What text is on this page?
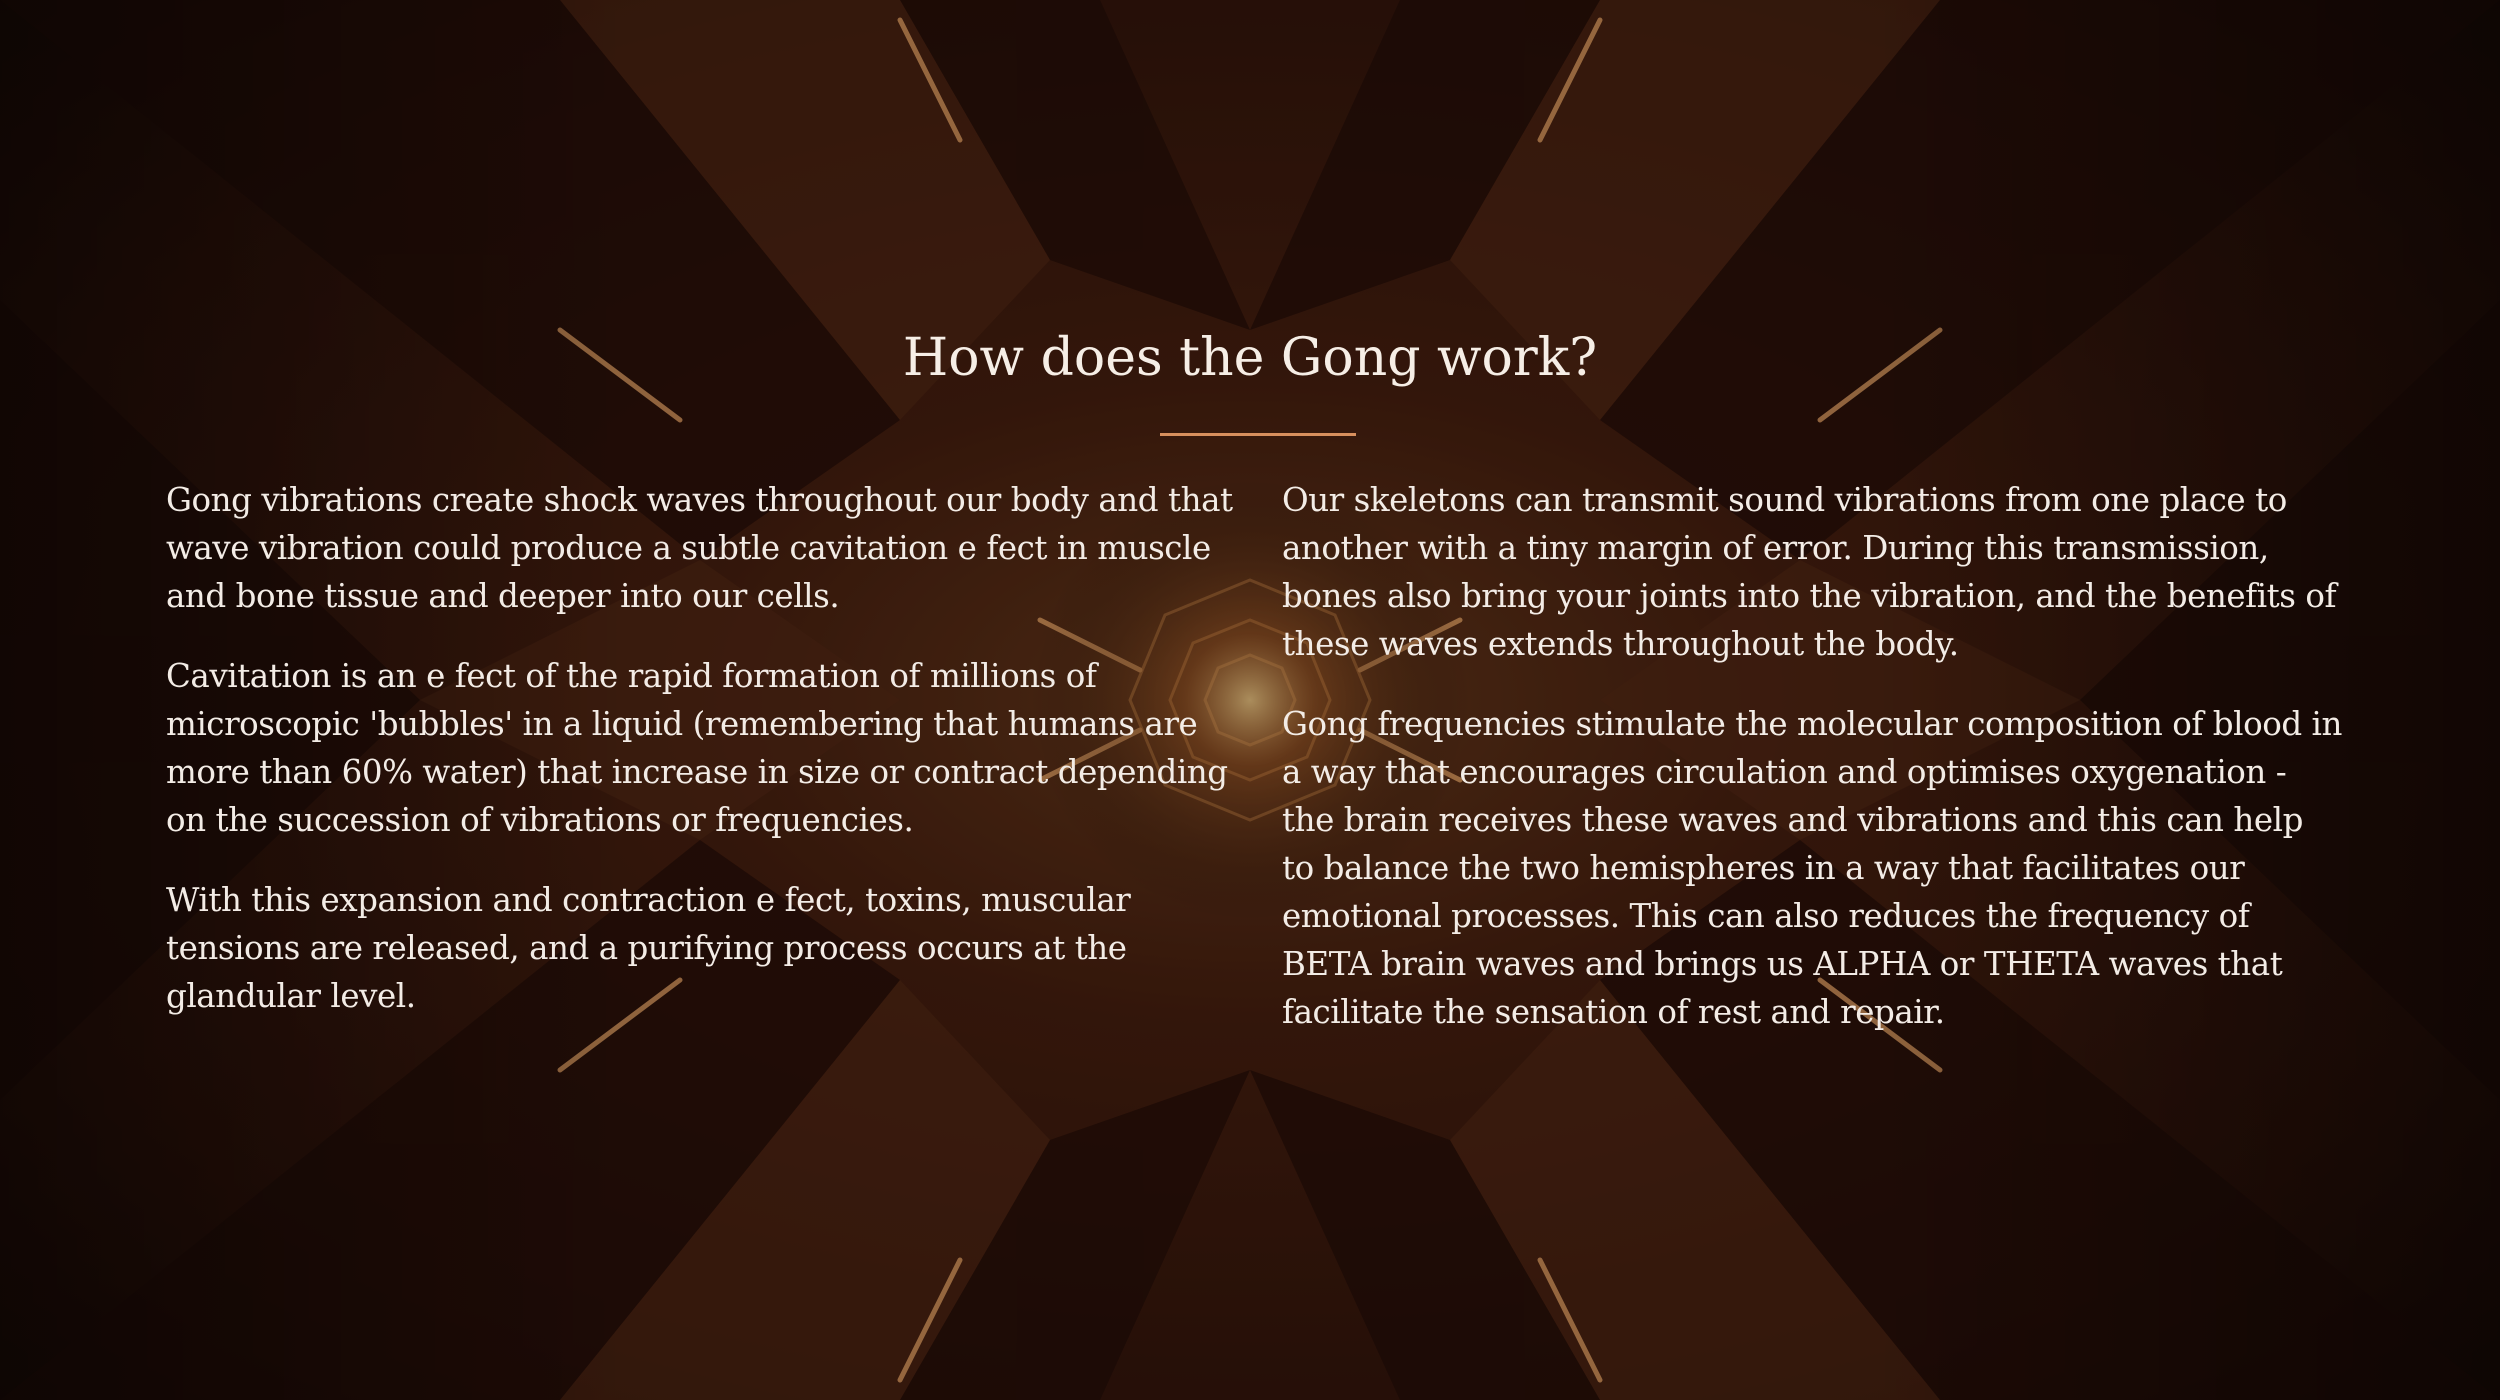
How does the Gong work?

Gong vibrations create shock waves throughout our body and that wave vibration could produce a subtle cavitation e fect in muscle and bone tissue and deeper into our cells.

Cavitation is an e fect of the rapid formation of millions of microscopic 'bubbles' in a liquid (remembering that humans are more than 60% water) that increase in size or contract depending on the succession of vibrations or frequencies.

With this expansion and contraction e fect, toxins, muscular tensions are released, and a purifying process occurs at the glandular level.

Our skeletons can transmit sound vibrations from one place to another with a tiny margin of error. During this transmission, bones also bring your joints into the vibration, and the benefits of these waves extends throughout the body.

Gong frequencies stimulate the molecular composition of blood in a way that encourages circulation and optimises oxygenation - the brain receives these waves and vibrations and this can help to balance the two hemispheres in a way that facilitates our emotional processes. This can also reduces the frequency of BETA brain waves and brings us ALPHA or THETA waves that facilitate the sensation of rest and repair.
